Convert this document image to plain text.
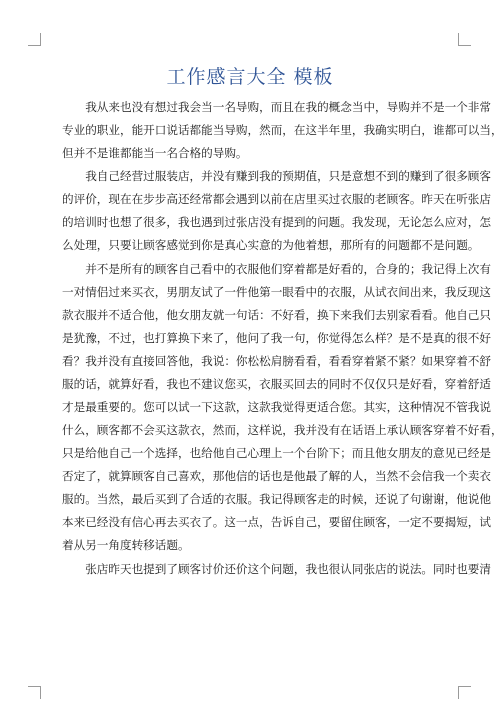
工作感言大全 模板
　　我从来也没有想过我会当一名导购，而且在我的概念当中，导购并不是一个非常
专业的职业，能开口说话都能当导购，然而，在这半年里，我确实明白，谁都可以当，
但并不是谁都能当一名合格的导购。
　　我自己经营过服装店，并没有赚到我的预期值，只是意想不到的赚到了很多顾客
的评价，现在在步步高还经常都会遇到以前在店里买过衣服的老顾客。昨天在听张店
的培训时也想了很多，我也遇到过张店没有提到的问题。我发现，无论怎么应对，怎
么处理，只要让顾客感觉到你是真心实意的为他着想，那所有的问题都不是问题。
　　并不是所有的顾客自己看中的衣服他们穿着都是好看的，合身的；我记得上次有
一对情侣过来买衣，男朋友试了一件他第一眼看中的衣服，从试衣间出来，我反现这
款衣服并不适合他，他女朋友就一句话：不好看，换下来我们去别家看看。他自己只
是犹豫，不过，也打算换下来了，他问了我一句，你觉得怎么样？是不是真的很不好
看？我并没有直接回答他，我说：你松松肩膀看看，看看穿着紧不紧？如果穿着不舒
服的话，就算好看，我也不建议您买，衣服买回去的同时不仅仅只是好看，穿着舒适
才是最重要的。您可以试一下这款，这款我觉得更适合您。其实，这种情况不管我说
什么，顾客都不会买这款衣，然而，这样说，我并没有在话语上承认顾客穿着不好看，
只是给他自己一个选择，也给他自己心理上一个台阶下；而且他女朋友的意见已经是
否定了，就算顾客自己喜欢，那他信的话也是他最了解的人，当然不会信我一个卖衣
服的。当然，最后买到了合适的衣服。我记得顾客走的时候，还说了句谢谢，他说他
本来已经没有信心再去买衣了。这一点，告诉自己，要留住顾客，一定不要揭短，试
着从另一角度转移话题。
　　张店昨天也提到了顾客讨价还价这个问题，我也很认同张店的说法。同时也要清
